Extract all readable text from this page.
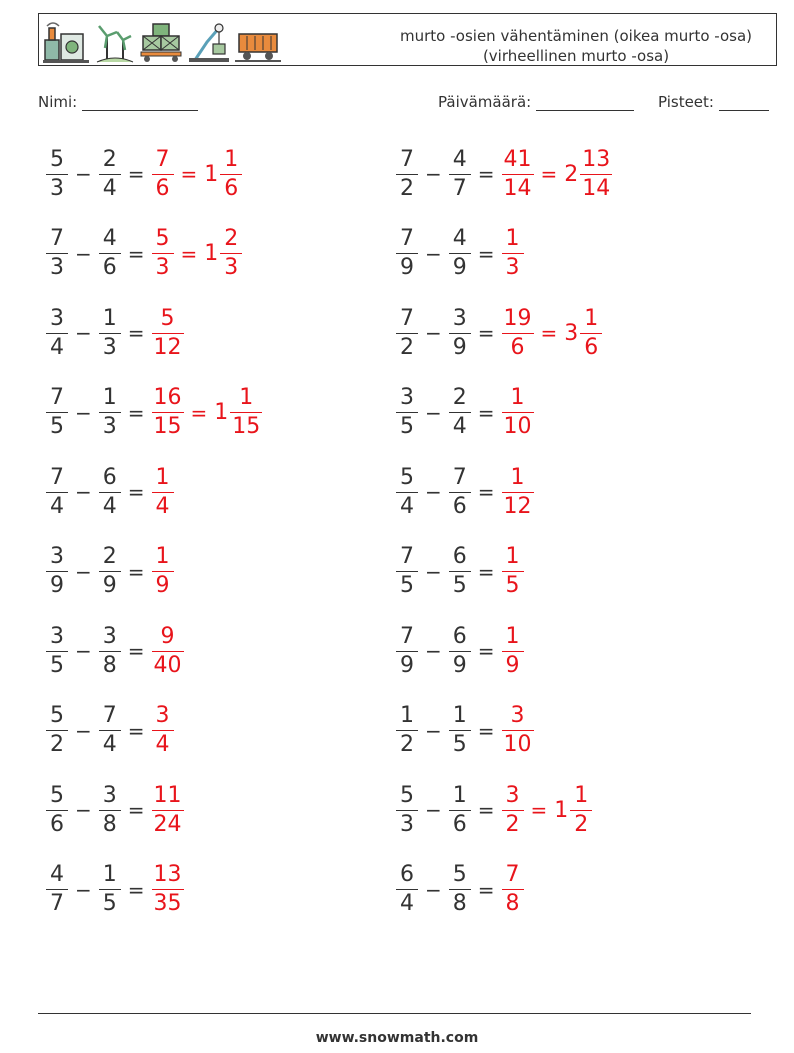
murto -osien vähentäminen (oikea murto -osa) (virheellinen murto -osa)
Nimi:	Päivämäärä:	Pisteet:
$\frac{5}{3} - \frac{2}{4} = \frac{7}{6} = 1 \frac{1}{6}$	$\frac{7}{2} - \frac{4}{7} = \frac{41}{14} = 2 \frac{13}{14}$
$\frac{7}{3} - \frac{4}{6} = \frac{5}{3} = 1 \frac{2}{3}$	$\frac{7}{9} - \frac{4}{9} = \frac{1}{3}$
$\frac{3}{4} - \frac{1}{3} = \frac{5}{12}$	$\frac{7}{2} - \frac{3}{9} = \frac{19}{6} = 3 \frac{1}{6}$
$\frac{7}{5} - \frac{1}{3} = \frac{16}{15} = 1 \frac{1}{15}$	$\frac{3}{5} - \frac{2}{4} = \frac{1}{10}$
$\frac{7}{4} - \frac{6}{4} = \frac{1}{4}$	$\frac{5}{4} - \frac{7}{6} = \frac{1}{12}$
$\frac{3}{9} - \frac{2}{9} = \frac{1}{9}$	$\frac{7}{5} - \frac{6}{5} = \frac{1}{5}$
$\frac{3}{5} - \frac{3}{8} = \frac{9}{40}$	$\frac{7}{9} - \frac{6}{9} = \frac{1}{9}$
$\frac{5}{2} - \frac{7}{4} = \frac{3}{4}$	$\frac{1}{2} - \frac{1}{5} = \frac{3}{10}$
$\frac{5}{6} - \frac{3}{8} = \frac{11}{24}$	$\frac{5}{3} - \frac{1}{6} = \frac{3}{2} = 1 \frac{1}{2}$
$\frac{4}{7} - \frac{1}{5} = \frac{13}{35}$	$\frac{6}{4} - \frac{5}{8} = \frac{7}{8}$
www.snowmath.com
